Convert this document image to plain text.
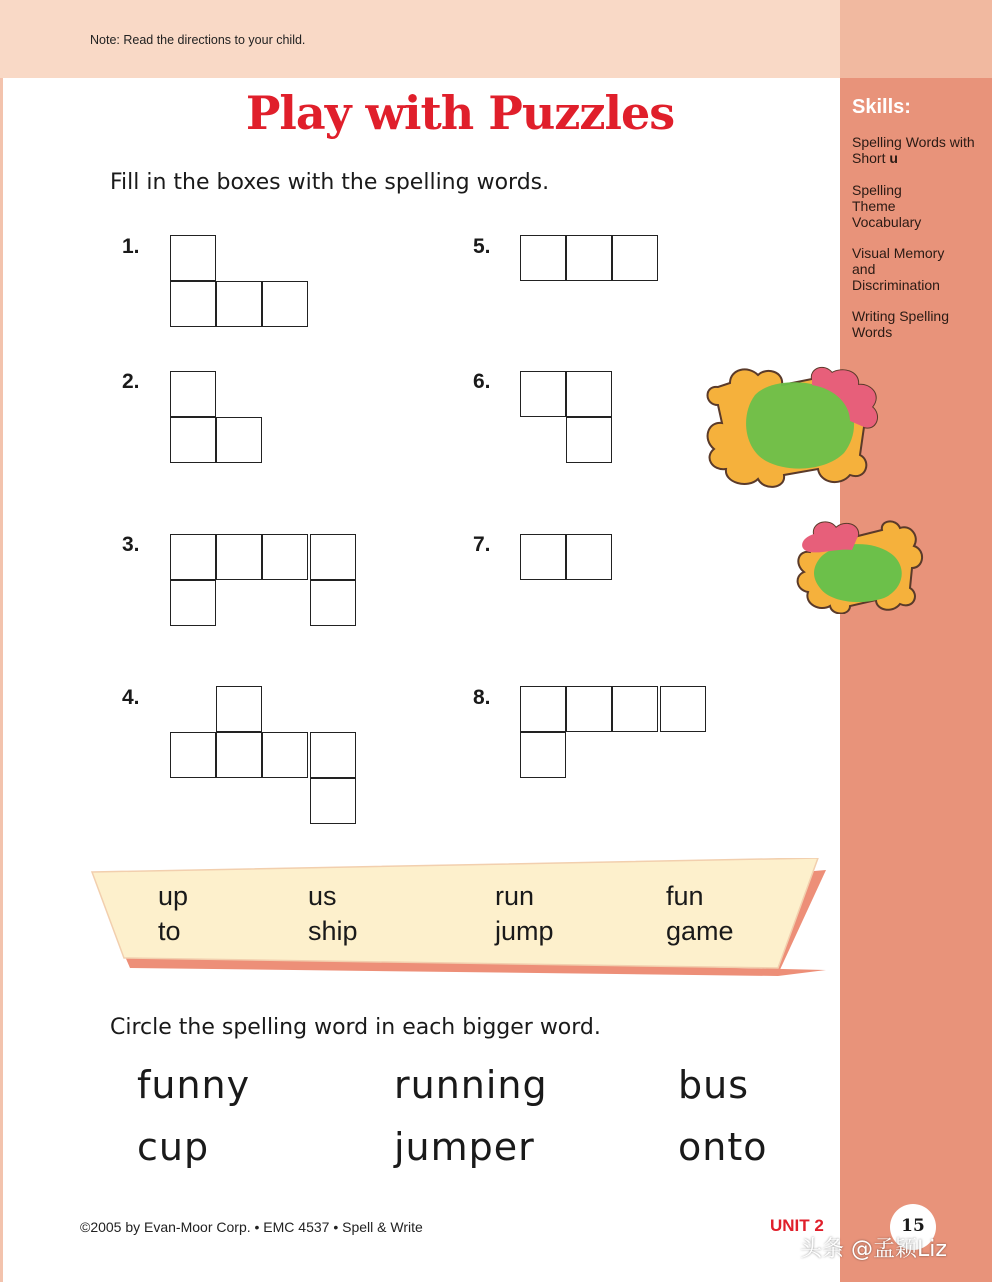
Note: Read the directions to your child.
Skills:
Spelling Words with Short u
Spelling Theme Vocabulary
Visual Memory and Discrimination
Writing Spelling Words
Play with Puzzles
Fill in the boxes with the spelling words.
1.
2.
3.
4.
5.
6.
7.
8.
up
to
us
ship
run
jump
fun
game
Circle the spelling word in each bigger word.
funny
cup
running
jumper
bus
onto
©2005 by Evan-Moor Corp. • EMC 4537 • Spell & Write	UNIT 2	15
头条 @孟颖Liz
